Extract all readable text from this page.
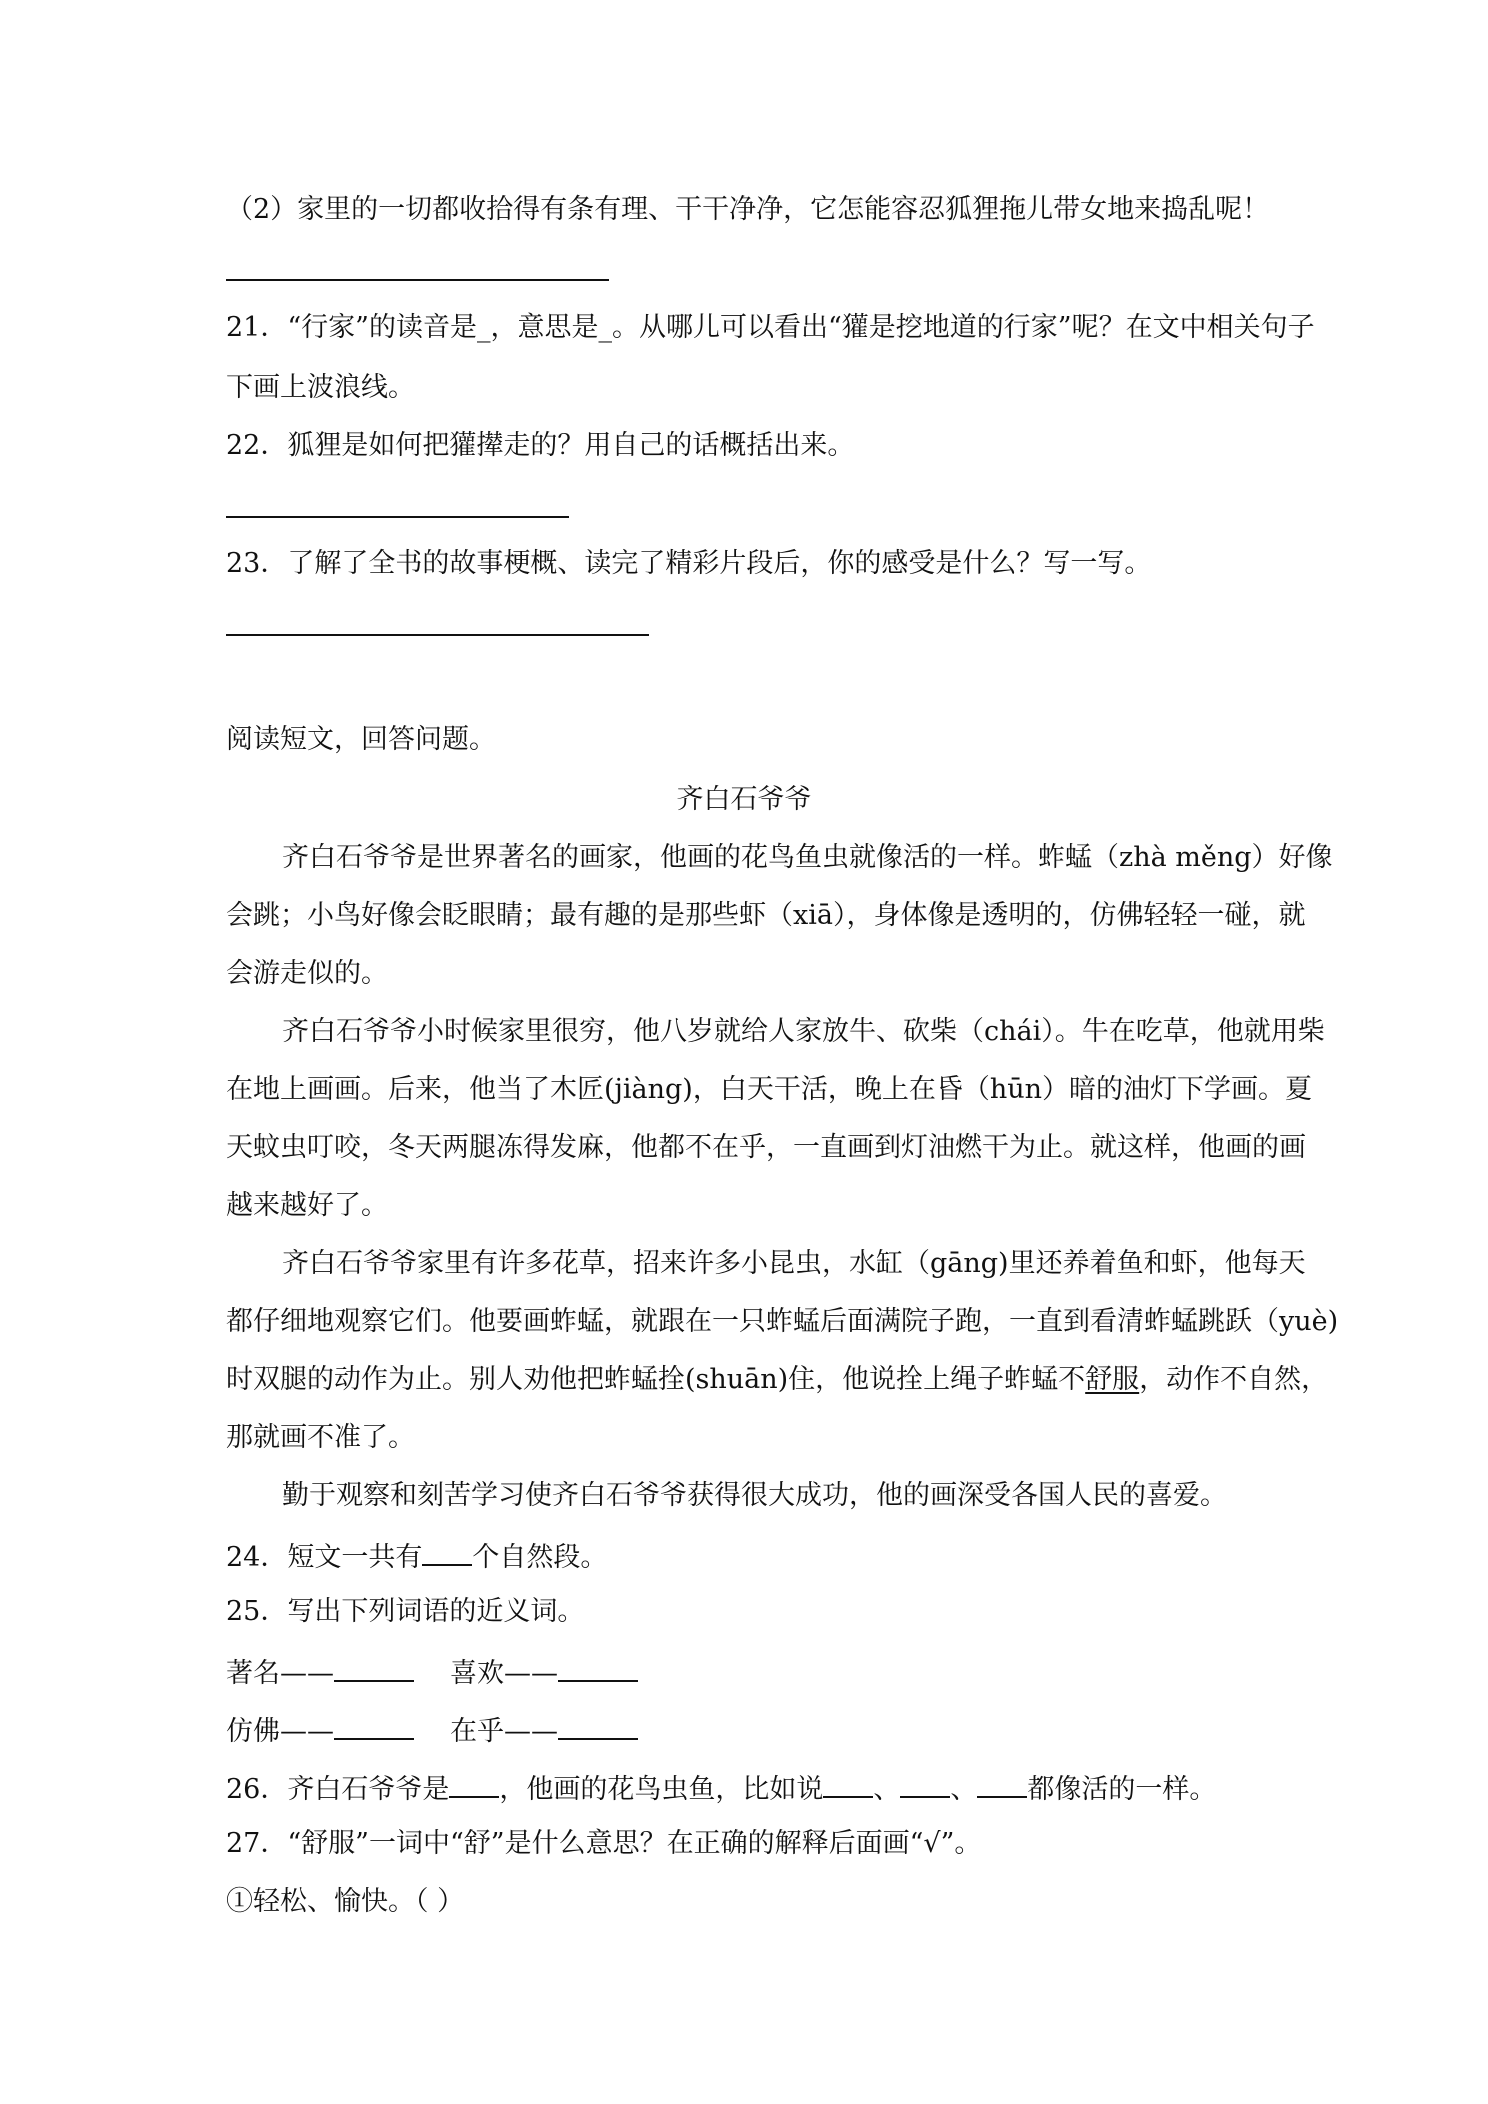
（2）家里的一切都收拾得有条有理、干干净净，它怎能容忍狐狸拖儿带女地来捣乱呢！
21．“行家”的读音是_，意思是_。从哪儿可以看出“獾是挖地道的行家”呢？在文中相关句子
下画上波浪线。
22．狐狸是如何把獾撵走的？用自己的话概括出来。
23．了解了全书的故事梗概、读完了精彩片段后，你的感受是什么？写一写。
阅读短文，回答问题。
齐白石爷爷
齐白石爷爷是世界著名的画家，他画的花鸟鱼虫就像活的一样。蚱蜢（zhà měng）好像
会跳；小鸟好像会眨眼睛；最有趣的是那些虾（xiā），身体像是透明的，仿佛轻轻一碰，就
会游走似的。
齐白石爷爷小时候家里很穷，他八岁就给人家放牛、砍柴（chái）。牛在吃草，他就用柴
在地上画画。后来，他当了木匠(jiàng)，白天干活，晚上在昏（hūn）暗的油灯下学画。夏
天蚊虫叮咬，冬天两腿冻得发麻，他都不在乎，一直画到灯油燃干为止。就这样，他画的画
越来越好了。
齐白石爷爷家里有许多花草，招来许多小昆虫，水缸（gāng)里还养着鱼和虾，他每天
都仔细地观察它们。他要画蚱蜢，就跟在一只蚱蜢后面满院子跑，一直到看清蚱蜢跳跃（yuè)
时双腿的动作为止。别人劝他把蚱蜢拴(shuān)住，他说拴上绳子蚱蜢不舒服，动作不自然，
那就画不准了。
勤于观察和刻苦学习使齐白石爷爷获得很大成功，他的画深受各国人民的喜爱。
24．短文一共有 个自然段。
25．写出下列词语的近义词。
著名——	喜欢——
仿佛——	在乎——
26．齐白石爷爷是 ，他画的花鸟虫鱼，比如说 、 、 都像活的一样。
27．“舒服”一词中“舒”是什么意思？在正确的解释后面画“√”。
①轻松、愉快。（ ）
